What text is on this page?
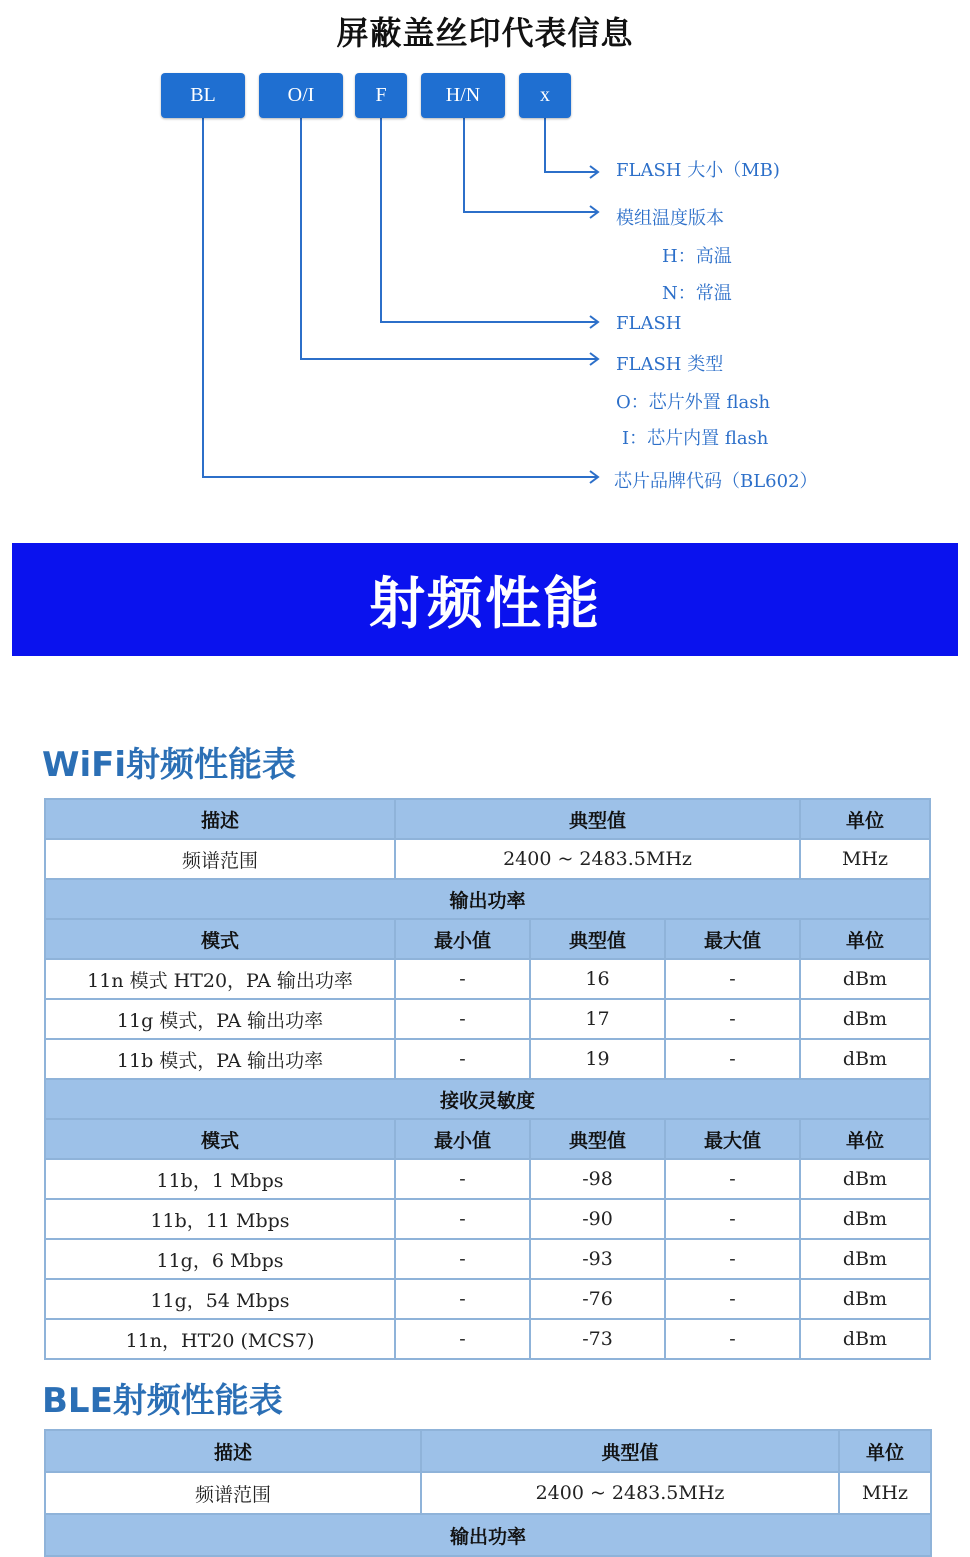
屏蔽盖丝印代表信息
BL	O/I	F	H/N	x
FLASH 大小（MB)
模组温度版本
H：高温
N：常温
FLASH
FLASH 类型
O：芯片外置 flash
I：芯片内置 flash
芯片品牌代码（BL602）
射频性能
WiFi射频性能表
描述	典型值			单位
频谱范围	2400 ~ 2483.5MHz			MHz
输出功率				
模式	最小值	典型值	最大值	单位
11n 模式 HT20，PA 输出功率	-	16	-	dBm
11g 模式，PA 输出功率	-	17	-	dBm
11b 模式，PA 输出功率	-	19	-	dBm
接收灵敏度				
模式	最小值	典型值	最大值	单位
11b，1 Mbps	-	-98	-	dBm
11b，11 Mbps	-	-90	-	dBm
11g，6 Mbps	-	-93	-	dBm
11g，54 Mbps	-	-76	-	dBm
11n，HT20 (MCS7)	-	-73	-	dBm
BLE射频性能表
描述	典型值	单位
频谱范围	2400 ~ 2483.5MHz	MHz
输出功率		
